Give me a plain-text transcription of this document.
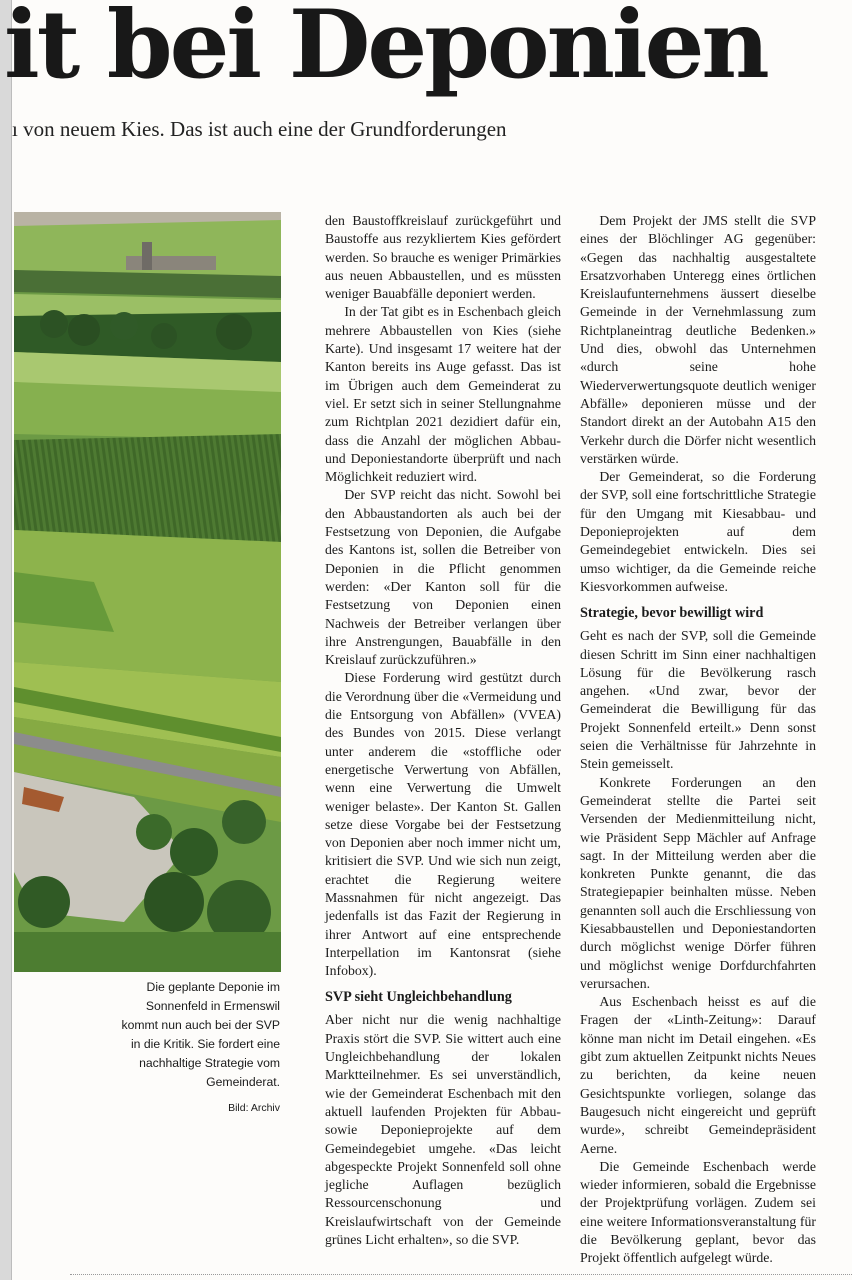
it bei Deponien
ı von neuem Kies. Das ist auch eine der Grundforderungen
Die geplante Deponie im Sonnenfeld in Ermenswil kommt nun auch bei der SVP in die Kritik. Sie fordert eine nachhaltige Strategie vom Gemeinderat.
Bild: Archiv

den Baustoffkreislauf zurückgeführt und Baustoffe aus rezykliertem Kies gefördert werden. So brauche es weniger Primärkies aus neuen Abbaustellen, und es müssten weniger Bauabfälle deponiert werden.

In der Tat gibt es in Eschenbach gleich mehrere Abbaustellen von Kies (siehe Karte). Und insgesamt 17 weitere hat der Kanton bereits ins Auge gefasst. Das ist im Übrigen auch dem Gemeinderat zu viel. Er setzt sich in seiner Stellungnahme zum Richtplan 2021 dezidiert dafür ein, dass die Anzahl der möglichen Abbau- und Deponiestandorte überprüft und nach Möglichkeit reduziert wird.

Der SVP reicht das nicht. Sowohl bei den Abbaustandorten als auch bei der Festsetzung von Deponien, die Aufgabe des Kantons ist, sollen die Betreiber von Deponien in die Pflicht genommen werden: «Der Kanton soll für die Festsetzung von Deponien einen Nachweis der Betreiber verlangen über ihre Anstrengungen, Bauabfälle in den Kreislauf zurückzuführen.»

Diese Forderung wird gestützt durch die Verordnung über die «Vermeidung und die Entsorgung von Abfällen» (VVEA) des Bundes von 2015. Diese verlangt unter anderem die «stoffliche oder energetische Verwertung von Abfällen, wenn eine Verwertung die Umwelt weniger belaste». Der Kanton St. Gallen setze diese Vorgabe bei der Festsetzung von Deponien aber noch immer nicht um, kritisiert die SVP. Und wie sich nun zeigt, erachtet die Regierung weitere Massnahmen für nicht angezeigt. Das jedenfalls ist das Fazit der Regierung in ihrer Antwort auf eine entsprechende Interpellation im Kantonsrat (siehe Infobox).

SVP sieht Ungleichbehandlung

Aber nicht nur die wenig nachhaltige Praxis stört die SVP. Sie wittert auch eine Ungleichbehandlung der lokalen Marktteilnehmer. Es sei unverständlich, wie der Gemeinderat Eschenbach mit den aktuell laufenden Projekten für Abbau- sowie Deponieprojekte auf dem Gemeindegebiet umgehe. «Das leicht abgespeckte Projekt Sonnenfeld soll ohne jegliche Auflagen bezüglich Ressourcenschonung und Kreislaufwirtschaft von der Gemeinde grünes Licht erhalten», so die SVP.

Dem Projekt der JMS stellt die SVP eines der Blöchlinger AG gegenüber: «Gegen das nachhaltig ausgestaltete Ersatzvorhaben Unteregg eines örtlichen Kreislaufunternehmens äussert dieselbe Gemeinde in der Vernehmlassung zum Richtplaneintrag deutliche Bedenken.» Und dies, obwohl das Unternehmen «durch seine hohe Wiederverwertungsquote deutlich weniger Abfälle» deponieren müsse und der Standort direkt an der Autobahn A15 den Verkehr durch die Dörfer nicht wesentlich verstärken würde.

Der Gemeinderat, so die Forderung der SVP, soll eine fortschrittliche Strategie für den Umgang mit Kiesabbau- und Deponieprojekten auf dem Gemeindegebiet entwickeln. Dies sei umso wichtiger, da die Gemeinde reiche Kiesvorkommen aufweise.

Strategie, bevor bewilligt wird

Geht es nach der SVP, soll die Gemeinde diesen Schritt im Sinn einer nachhaltigen Lösung für die Bevölkerung rasch angehen. «Und zwar, bevor der Gemeinderat die Bewilligung für das Projekt Sonnenfeld erteilt.» Denn sonst seien die Verhältnisse für Jahrzehnte in Stein gemeisselt.

Konkrete Forderungen an den Gemeinderat stellte die Partei seit Versenden der Medienmitteilung nicht, wie Präsident Sepp Mächler auf Anfrage sagt. In der Mitteilung werden aber die konkreten Punkte genannt, die das Strategiepapier beinhalten müsse. Neben genannten soll auch die Erschliessung von Kiesabbaustellen und Deponiestandorten durch möglichst wenige Dörfer führen und möglichst wenige Dorfdurchfahrten verursachen.

Aus Eschenbach heisst es auf die Fragen der «Linth-Zeitung»: Darauf könne man nicht im Detail eingehen. «Es gibt zum aktuellen Zeitpunkt nichts Neues zu berichten, da keine neuen Gesichtspunkte vorliegen, solange das Baugesuch nicht eingereicht und geprüft wurde», schreibt Gemeindepräsident Aerne.

Die Gemeinde Eschenbach werde wieder informieren, sobald die Ergebnisse der Projektprüfung vorlägen. Zudem sei eine weitere Informationsveranstaltung für die Bevölkerung geplant, bevor das Projekt öffentlich aufgelegt würde.
